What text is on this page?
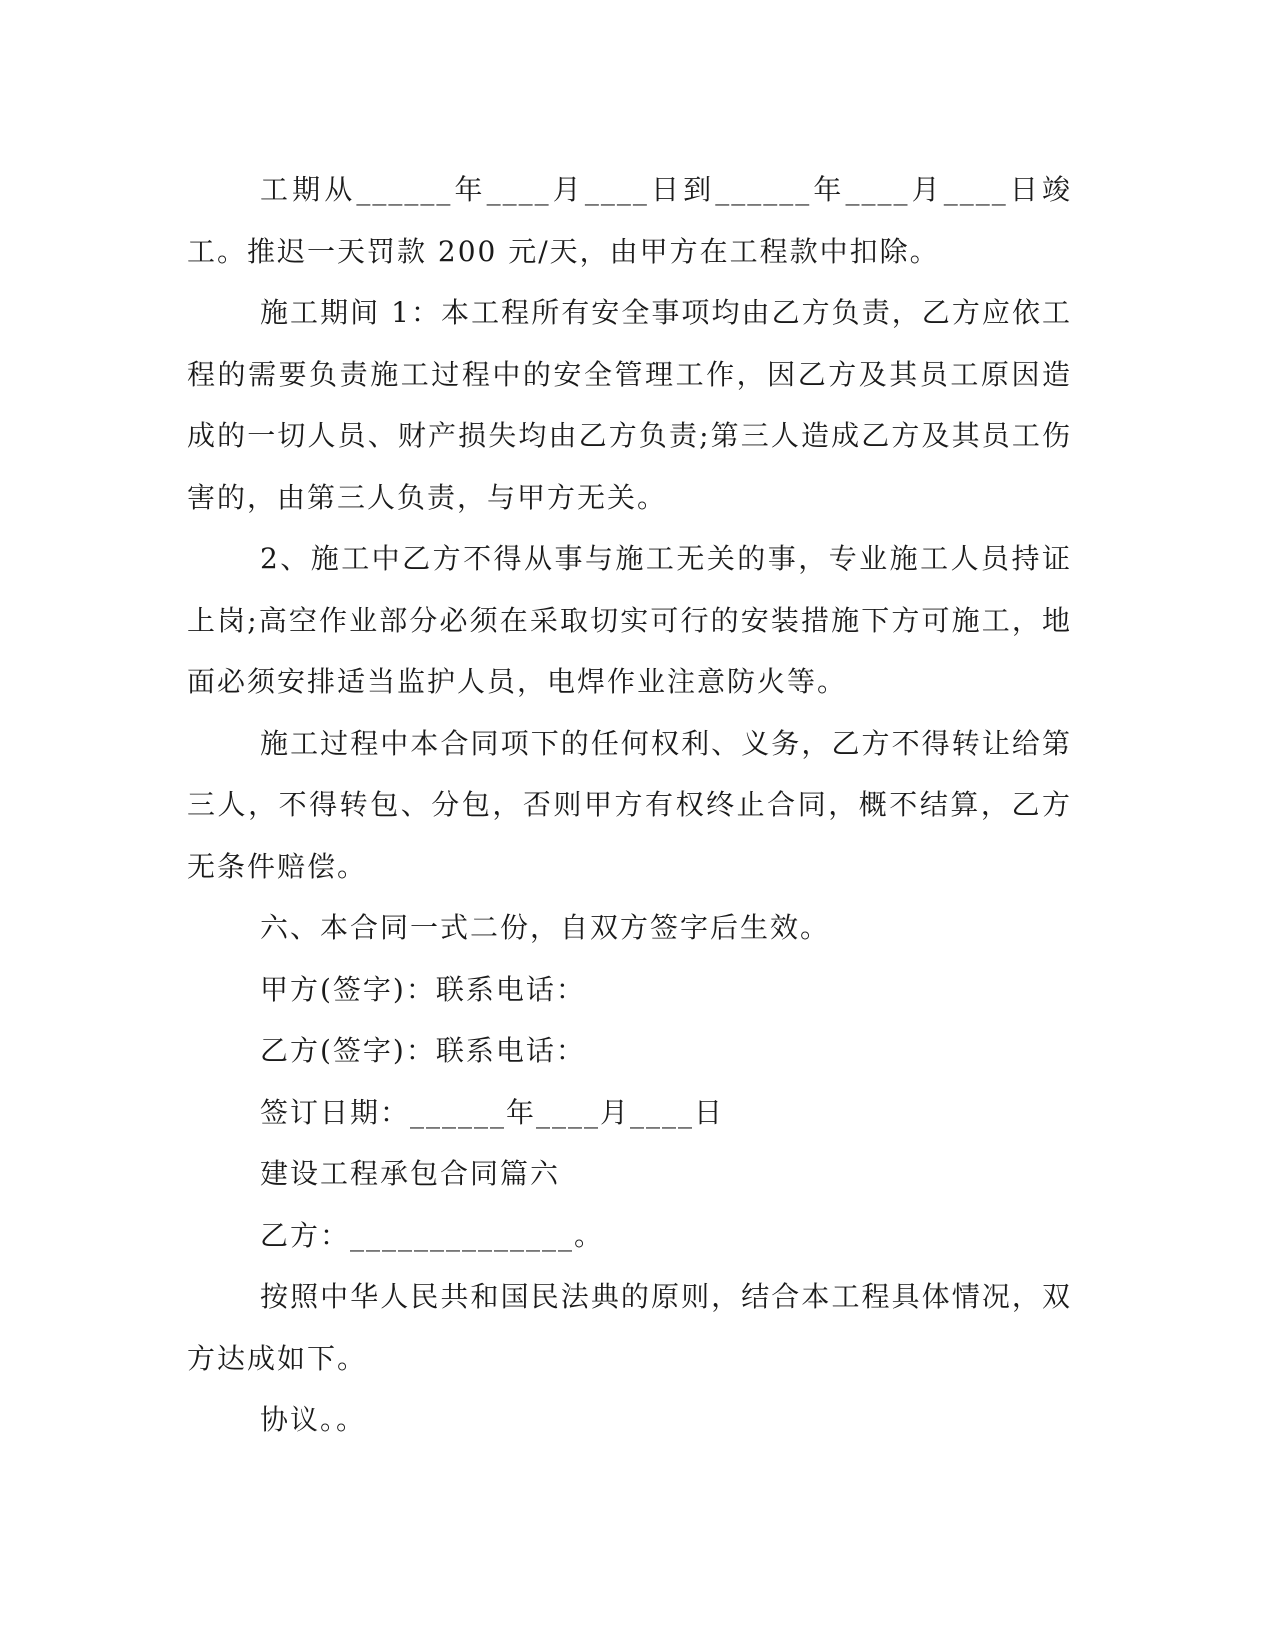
工期从______年____月____日到______年____月____日竣工。推迟一天罚款 200 元/天，由甲方在工程款中扣除。

施工期间 1：本工程所有安全事项均由乙方负责，乙方应依工程的需要负责施工过程中的安全管理工作，因乙方及其员工原因造成的一切人员、财产损失均由乙方负责;第三人造成乙方及其员工伤害的，由第三人负责，与甲方无关。

2、施工中乙方不得从事与施工无关的事，专业施工人员持证上岗;高空作业部分必须在采取切实可行的安装措施下方可施工，地面必须安排适当监护人员，电焊作业注意防火等。

施工过程中本合同项下的任何权利、义务，乙方不得转让给第三人，不得转包、分包，否则甲方有权终止合同，概不结算，乙方无条件赔偿。

六、本合同一式二份，自双方签字后生效。

甲方(签字)：联系电话：

乙方(签字)：联系电话：

签订日期：______年____月____日

建设工程承包合同篇六

乙方：______________。

按照中华人民共和国民法典的原则，结合本工程具体情况，双方达成如下。

协议。。
